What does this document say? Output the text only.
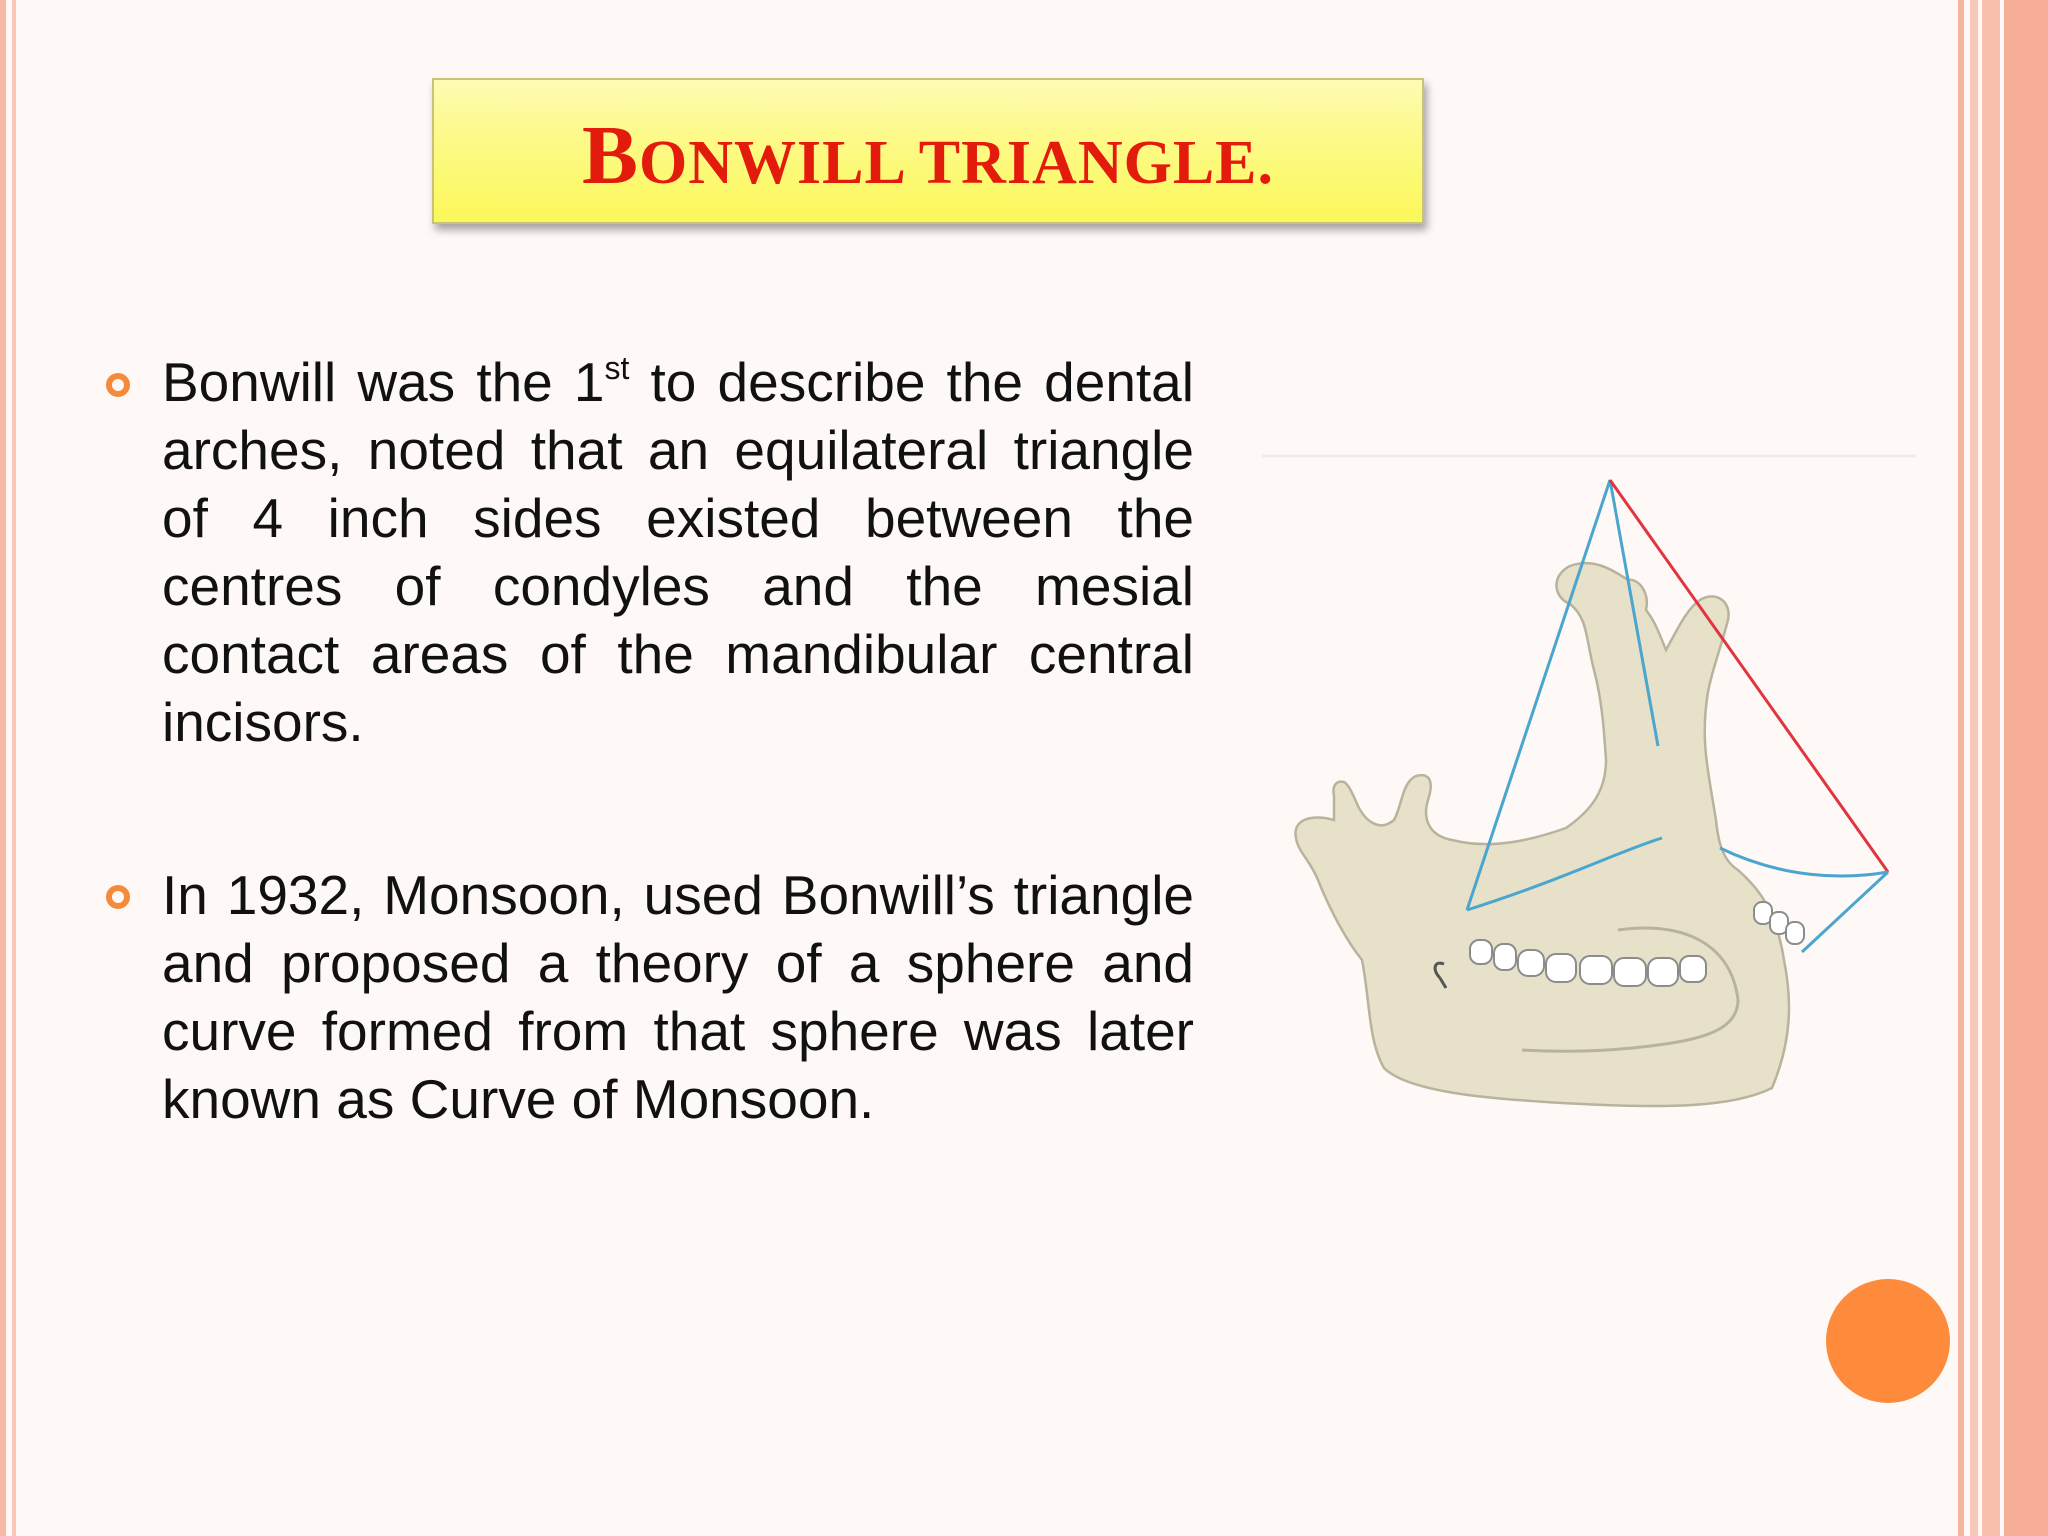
BONWILL TRIANGLE.
Bonwill was the 1st to describe the dental arches, noted that an equilateral triangle of 4 inch sides existed between the centres of condyles and the mesial contact areas of the mandibular central incisors.
In 1932, Monsoon, used Bonwill’s triangle and proposed a theory of a sphere and curve formed from that sphere was later known as Curve of Monsoon.
